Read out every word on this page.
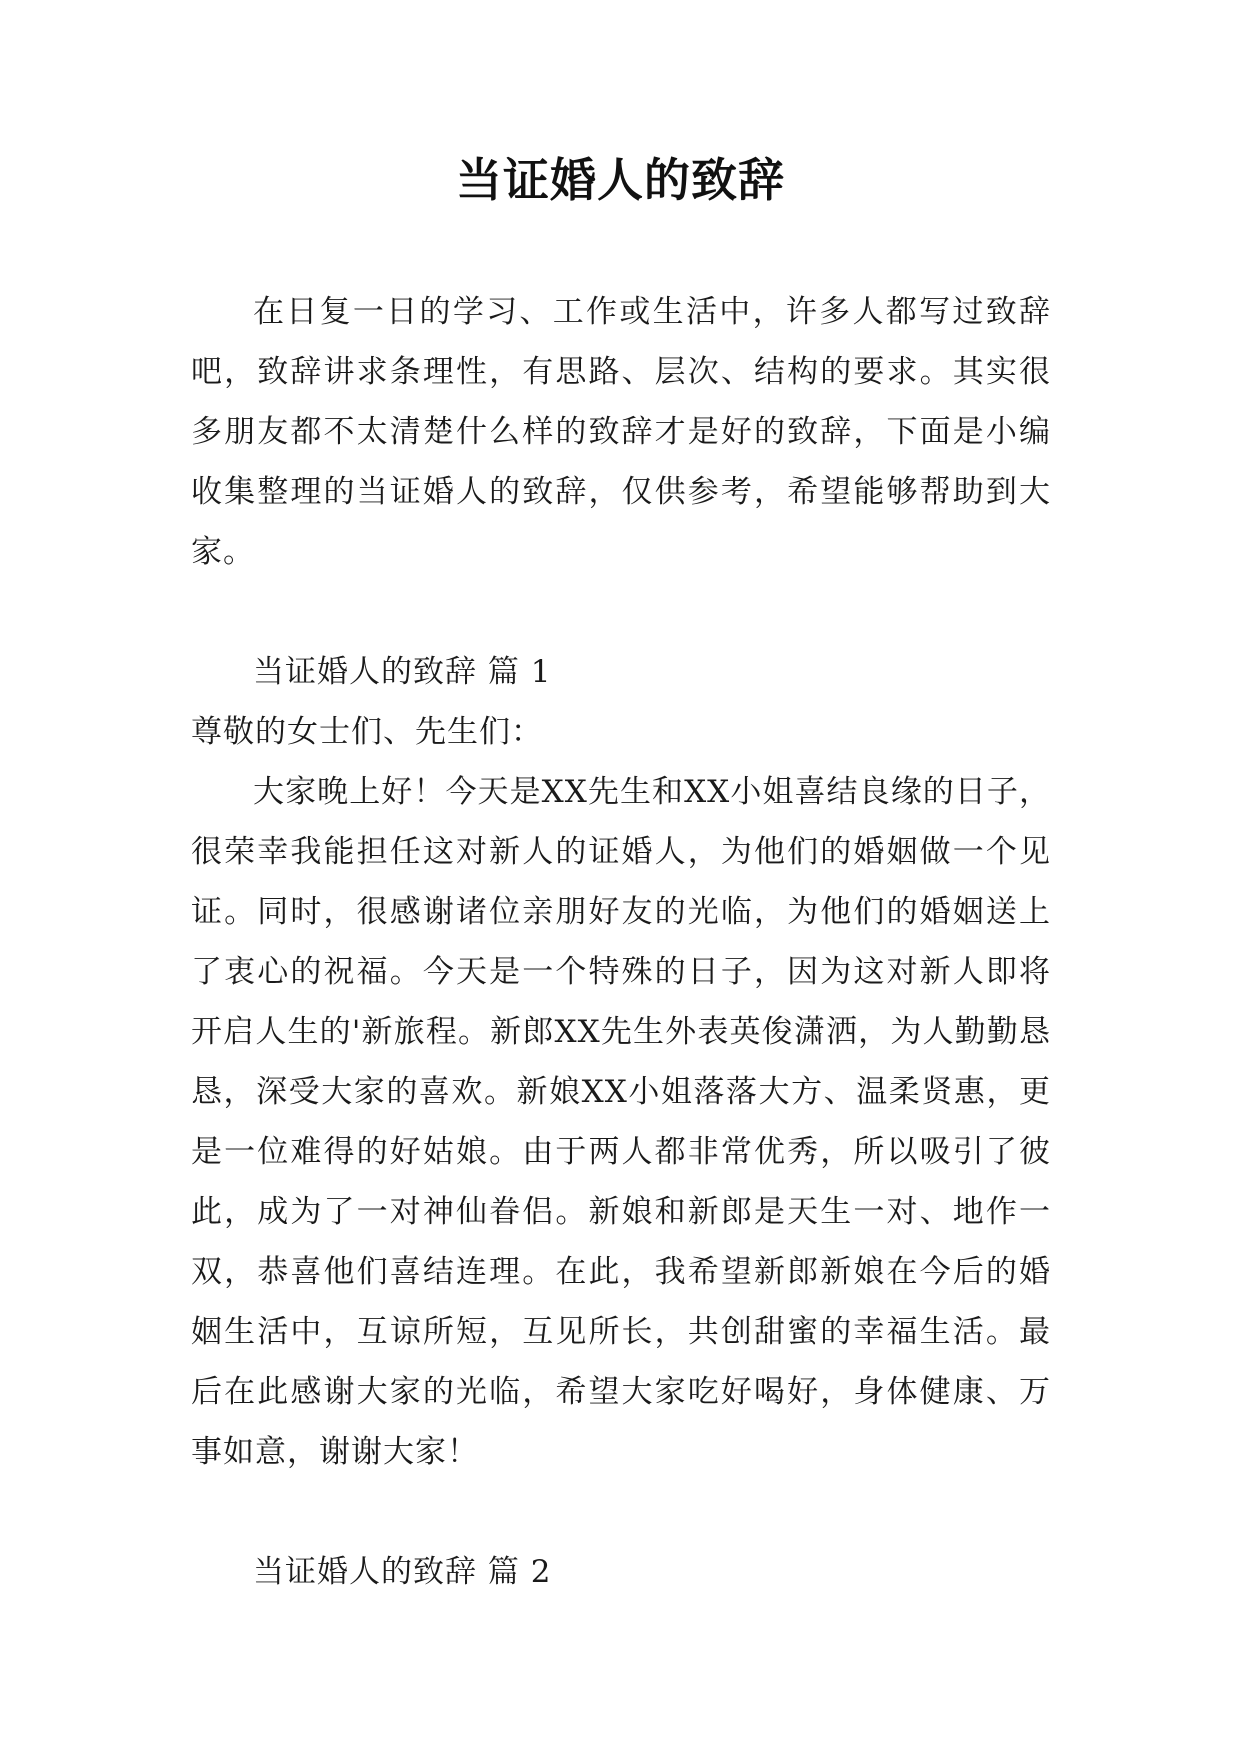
当证婚人的致辞

在日复一日的学习、工作或生活中，许多人都写过致辞吧，致辞讲求条理性，有思路、层次、结构的要求。其实很多朋友都不太清楚什么样的致辞才是好的致辞，下面是小编收集整理的当证婚人的致辞，仅供参考，希望能够帮助到大家。

当证婚人的致辞 篇 1

尊敬的女士们、先生们：

大家晚上好！今天是XX先生和XX小姐喜结良缘的日子，很荣幸我能担任这对新人的证婚人，为他们的婚姻做一个见证。同时，很感谢诸位亲朋好友的光临，为他们的婚姻送上了衷心的祝福。今天是一个特殊的日子，因为这对新人即将开启人生的'新旅程。新郎XX先生外表英俊潇洒，为人勤勤恳恳，深受大家的喜欢。新娘XX小姐落落大方、温柔贤惠，更是一位难得的好姑娘。由于两人都非常优秀，所以吸引了彼此，成为了一对神仙眷侣。新娘和新郎是天生一对、地作一双，恭喜他们喜结连理。在此，我希望新郎新娘在今后的婚姻生活中，互谅所短，互见所长，共创甜蜜的幸福生活。最后在此感谢大家的光临，希望大家吃好喝好，身体健康、万事如意，谢谢大家！

当证婚人的致辞 篇 2
